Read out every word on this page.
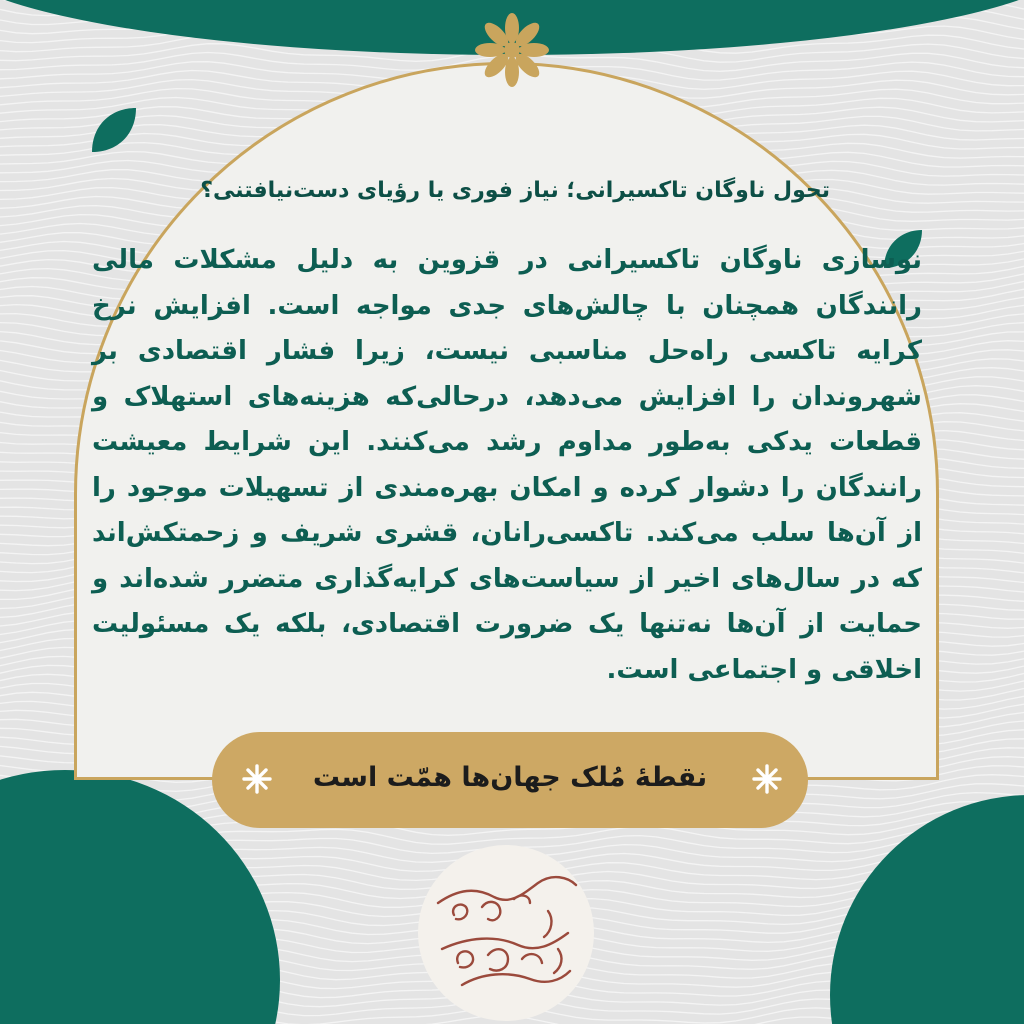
تحول ناوگان تاکسیرانی؛ نیاز فوری یا رؤیای دست‌نیافتنی؟

نوسازی ناوگان تاکسیرانی در قزوین به دلیل مشکلات مالی رانندگان همچنان با چالش‌های جدی مواجه است. افزایش نرخ کرایه تاکسی راه‌حل مناسبی نیست، زیرا فشار اقتصادی بر شهروندان را افزایش می‌دهد، درحالی‌که هزینه‌های استهلاک و قطعات یدکی به‌طور مداوم رشد می‌کنند. این شرایط معیشت رانندگان را دشوار کرده و امکان بهره‌مندی از تسهیلات موجود را از آن‌ها سلب می‌کند. تاکسی‌رانان، قشری شریف و زحمتکش‌اند که در سال‌های اخیر از سیاست‌های کرایه‌گذاری متضرر شده‌اند و حمایت از آن‌ها نه‌تنها یک ضرورت اقتصادی، بلکه یک مسئولیت اخلاقی و اجتماعی است.

نقطهٔ مُلک جهان‌ها همّت است
